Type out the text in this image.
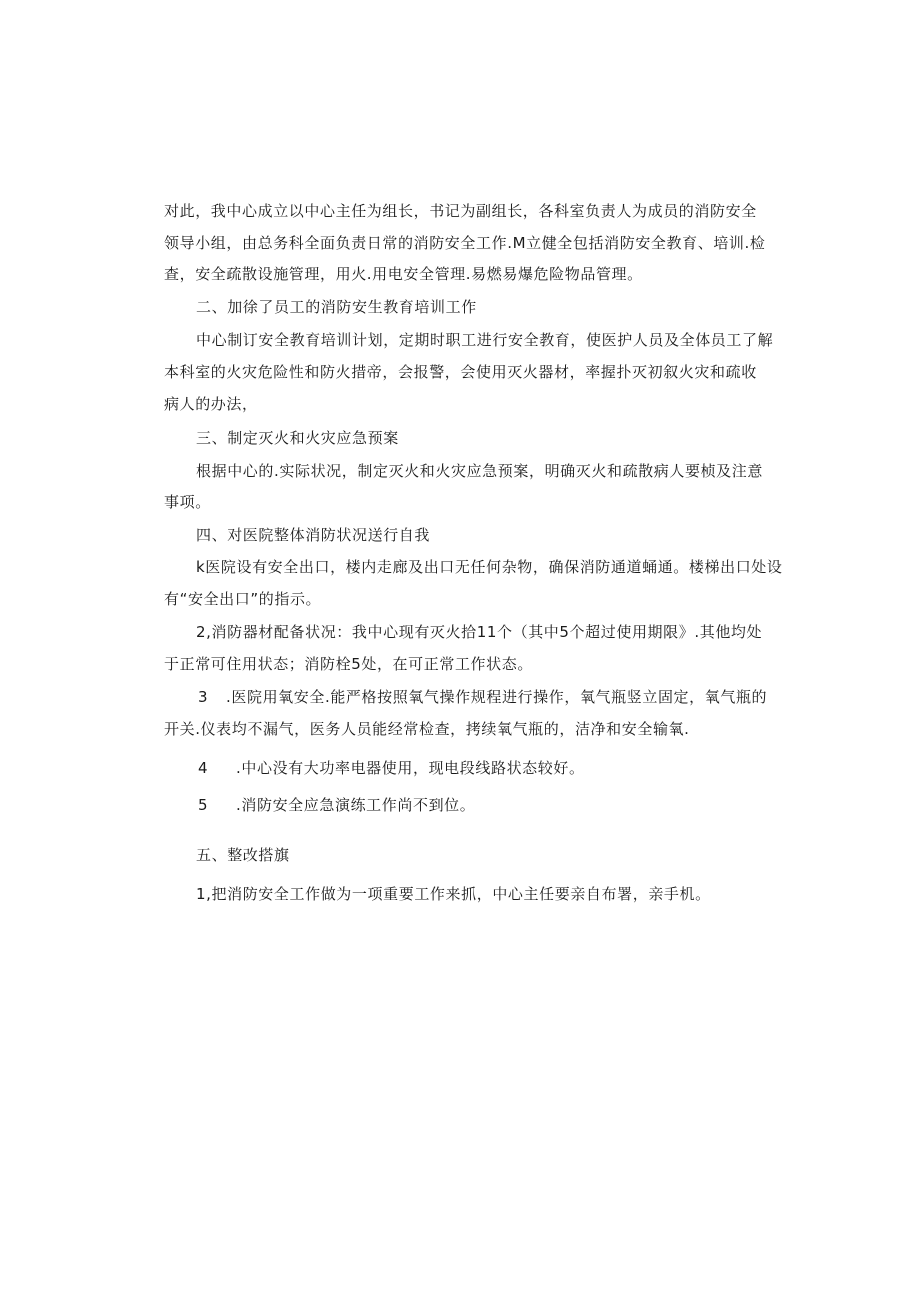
对此，我中心成立以中心主任为组长，书记为副组长，各科室负责人为成员的消防安全
领导小组，由总务科全面负责日常的消防安全工作.M立健全包括消防安全教育、培训.检
查，安全疏散设施管理，用火.用电安全管理.易燃易爆危险物品管理。
二、加徐了员工的消防安生教育培训工作
中心制订安全教育培训计划，定期时职工进行安全教育，使医护人员及全体员工了解
本科室的火灾危险性和防火措帝，会报警，会使用灭火器材，率握扑灭初叙火灾和疏收
病人的办法，
三、制定灭火和火灾应急预案
根据中心的.实际状况，制定灭火和火灾应急预案，明确灭火和疏散病人要桢及注意
事项。
四、对医院整体消防状况送行自我
k医院设有安全出口，楼内走廊及出口无任何杂物，确保消防通道蛹通。楼梯出口处设
有“安全出口”的指示。
2,消防器材配备状况：我中心现有灭火拾11个（其中5个超过使用期限》.其他均处
于正常可住用状态；消防栓5处，在可正常工作状态。
3 .医院用氧安全.能严格按照氧气操作规程进行操作，氧气瓶竖立固定，氧气瓶的
开关.仪表均不漏气，医务人员能经常检查，拷续氧气瓶的，洁净和安全输氧.
4 .中心没有大功率电器使用，现电段线路状态较好。
5 .消防安全应急演练工作尚不到位。
五、整改搭旗
1,把消防安全工作做为一项重要工作来抓，中心主任要亲自布署，亲手机。
